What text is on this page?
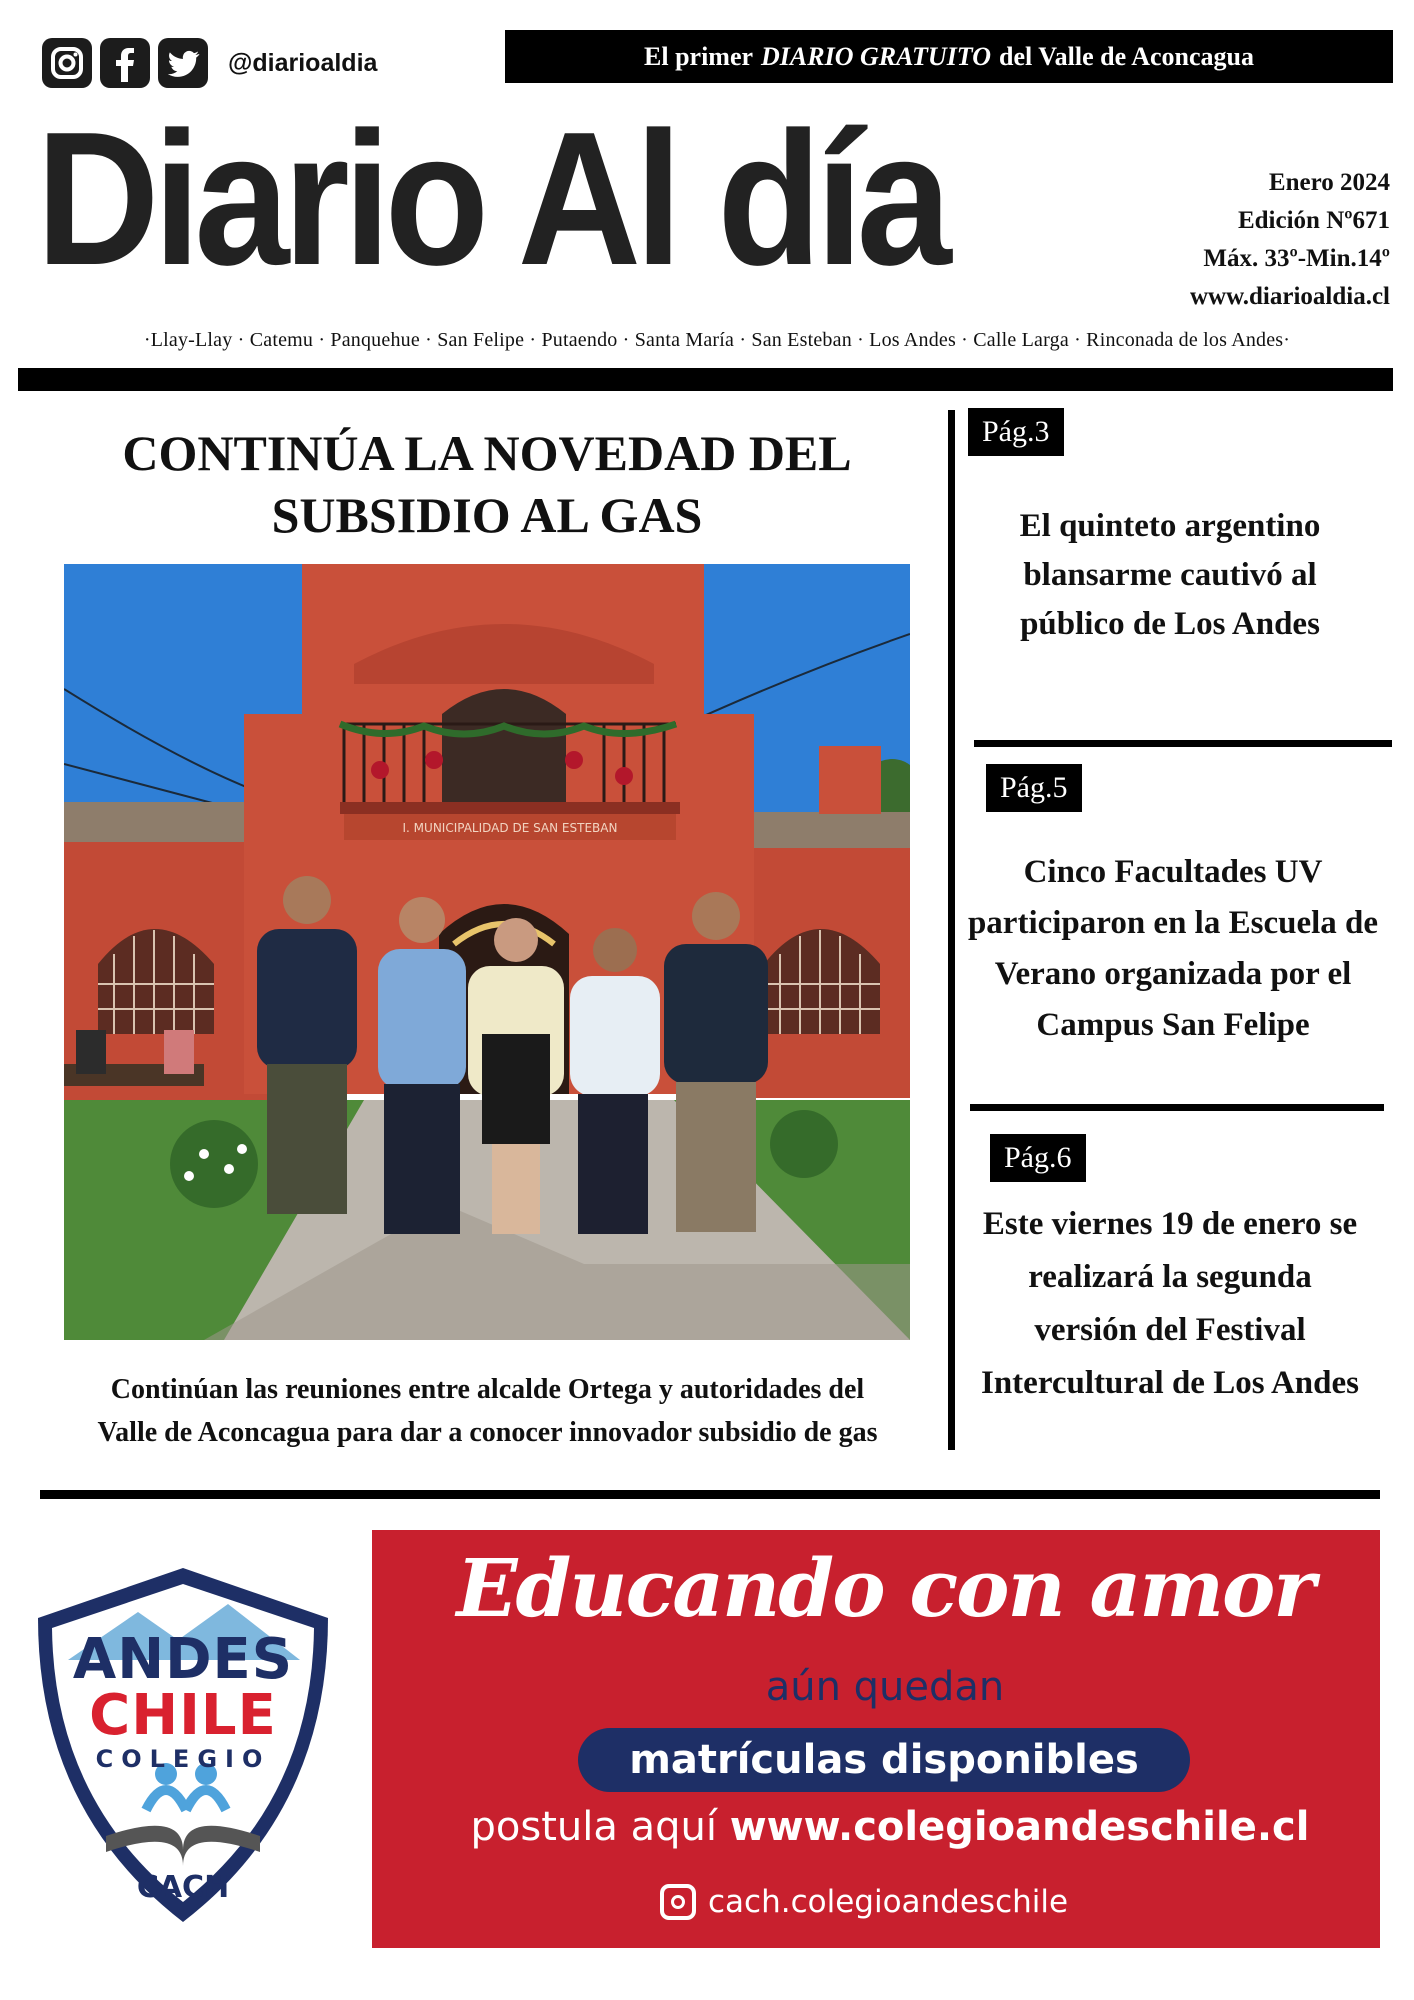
@diarioaldia	El primer DIARIO GRATUITO del Valle de Aconcagua
Diario Al día	Enero 2024
Edición Nº671
Máx. 33º-Min.14º
www.diarioaldia.cl
·Llay-Llay · Catemu · Panquehue · San Felipe · Putaendo · Santa María · San Esteban · Los Andes · Calle Larga · Rinconada de los Andes·
CONTINÚA LA NOVEDAD DEL
SUBSIDIO AL GAS
I. MUNICIPALIDAD DE SAN ESTEBAN
Continúan las reuniones entre alcalde Ortega y autoridades del
Valle de Aconcagua para dar a conocer innovador subsidio de gas
Pág.3
El quinteto argentino blansarme cautivó al público de Los Andes
Pág.5
Cinco Facultades UV participaron en la Escuela de Verano organizada por el Campus San Felipe
Pág.6
Este viernes 19 de enero se realizará la segunda versión del Festival Intercultural de Los Andes
ANDES
CHILE
COLEGIO
CACH
Educando con amor
aún quedan
matrículas disponibles
postula aquí www.colegioandeschile.cl
cach.colegioandeschile
